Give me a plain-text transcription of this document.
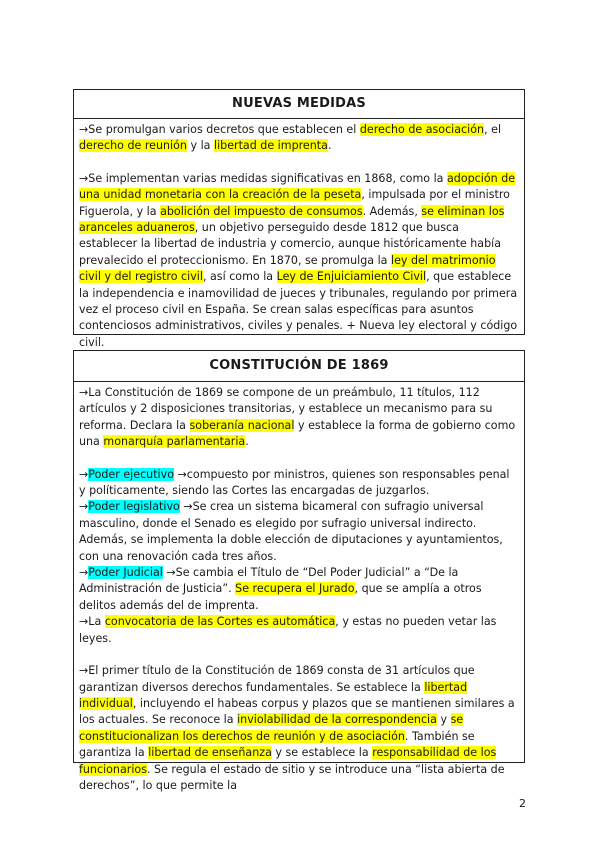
NUEVAS MEDIDAS

→Se promulgan varios decretos que establecen el derecho de asociación, el derecho de reunión y la libertad de imprenta.

→Se implementan varias medidas significativas en 1868, como la adopción de una unidad monetaria con la creación de la peseta, impulsada por el ministro Figuerola, y la abolición del impuesto de consumos. Además, se eliminan los aranceles aduaneros, un objetivo perseguido desde 1812 que busca establecer la libertad de industria y comercio, aunque históricamente había prevalecido el proteccionismo. En 1870, se promulga la ley del matrimonio civil y del registro civil, así como la Ley de Enjuiciamiento Civil, que establece la independencia e inamovilidad de jueces y tribunales, regulando por primera vez el proceso civil en España. Se crean salas específicas para asuntos contenciosos administrativos, civiles y penales. + Nueva ley electoral y código civil.

CONSTITUCIÓN DE 1869

→La Constitución de 1869 se compone de un preámbulo, 11 títulos, 112 artículos y 2 disposiciones transitorias, y establece un mecanismo para su reforma. Declara la soberanía nacional y establece la forma de gobierno como una monarquía parlamentaria.

→Poder ejecutivo →compuesto por ministros, quienes son responsables penal y políticamente, siendo las Cortes las encargadas de juzgarlos.

→Poder legislativo →Se crea un sistema bicameral con sufragio universal masculino, donde el Senado es elegido por sufragio universal indirecto. Además, se implementa la doble elección de diputaciones y ayuntamientos, con una renovación cada tres años.

→Poder Judicial →Se cambia el Título de “Del Poder Judicial” a “De la Administración de Justicia”. Se recupera el Jurado, que se amplía a otros delitos además del de imprenta.

→La convocatoria de las Cortes es automática, y estas no pueden vetar las leyes.

→El primer título de la Constitución de 1869 consta de 31 artículos que garantizan diversos derechos fundamentales. Se establece la libertad individual, incluyendo el habeas corpus y plazos que se mantienen similares a los actuales. Se reconoce la inviolabilidad de la correspondencia y se constitucionalizan los derechos de reunión y de asociación. También se garantiza la libertad de enseñanza y se establece la responsabilidad de los funcionarios. Se regula el estado de sitio y se introduce una “lista abierta de derechos”, lo que permite la

2
